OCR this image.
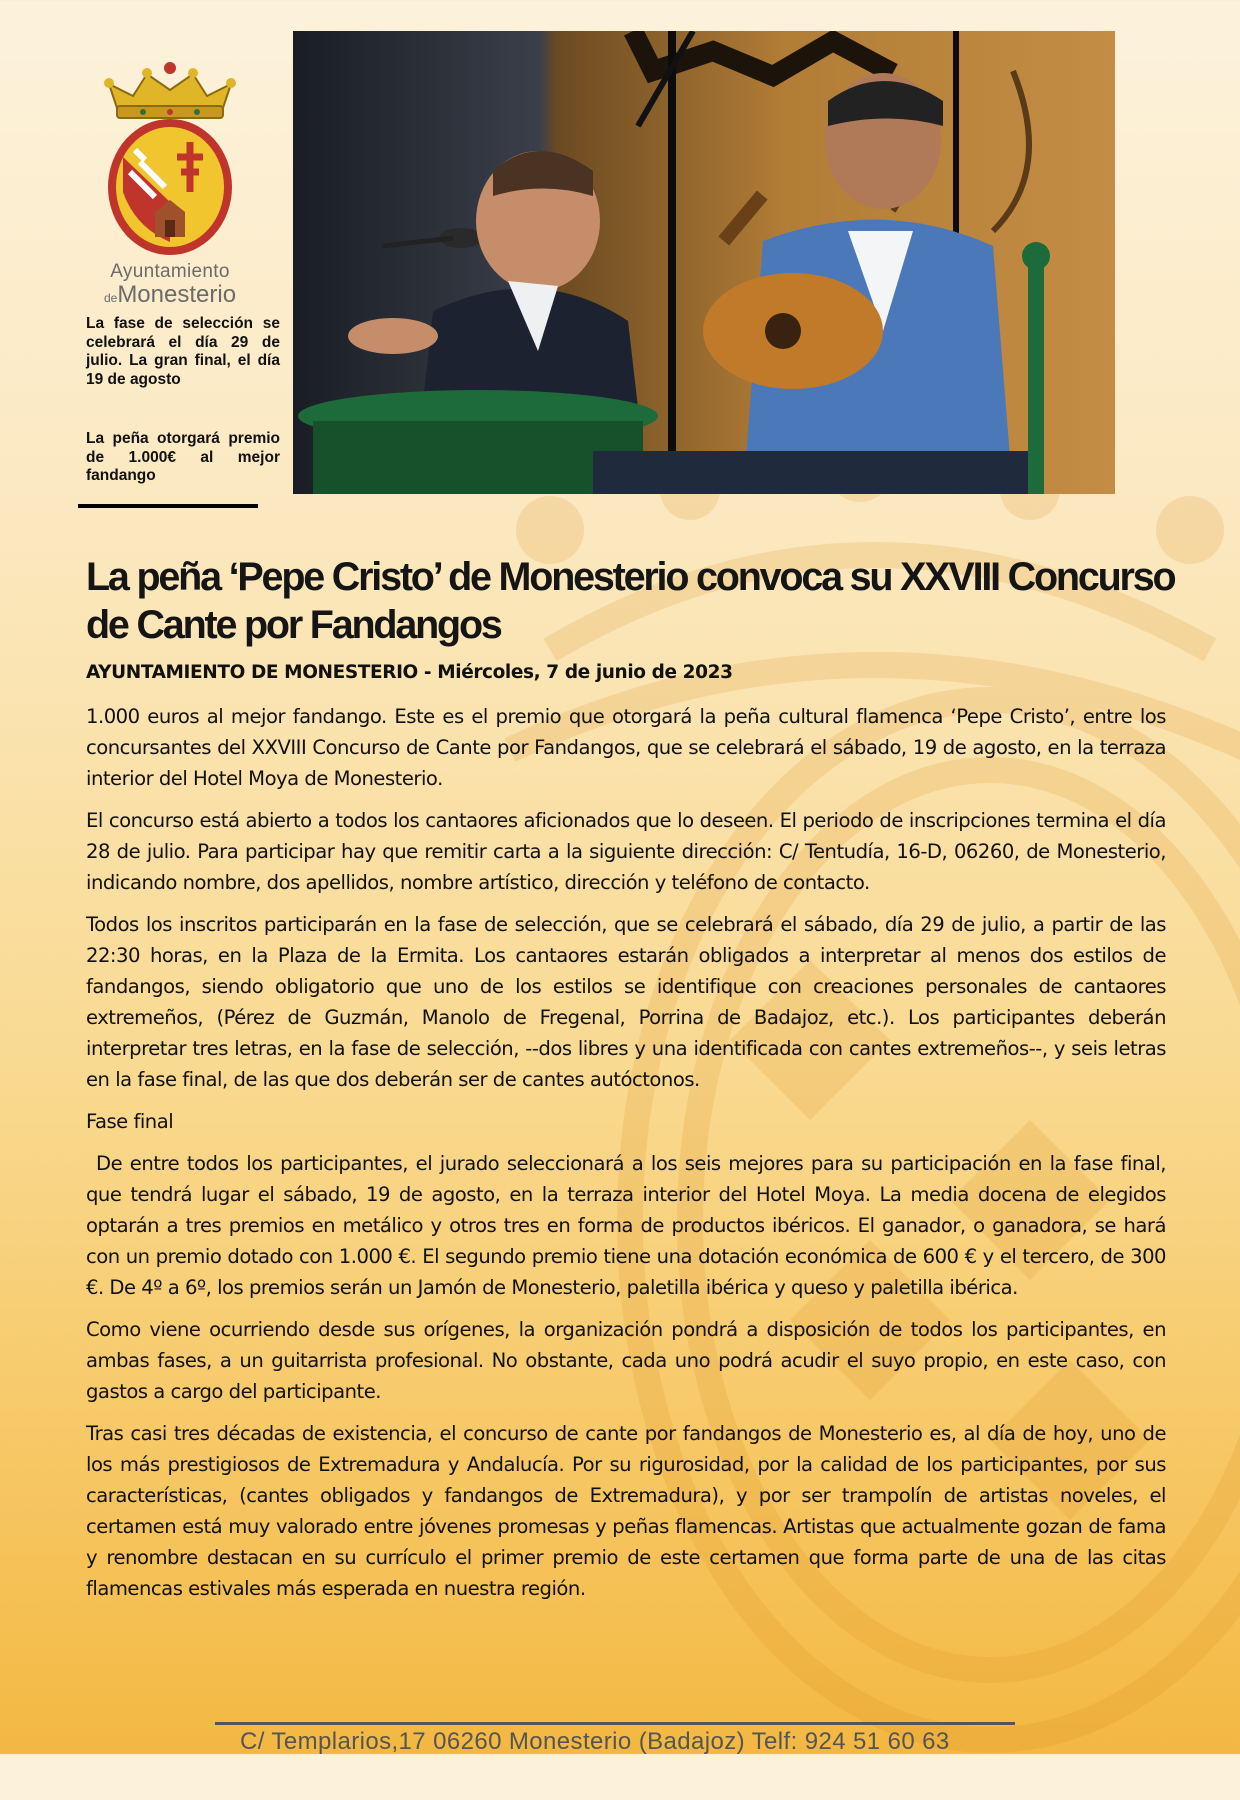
Ayuntamiento
deMonesterio
La fase de selección se celebrará el día 29 de julio. La gran final, el día 19 de agosto
La peña otorgará premio de 1.000€ al mejor fandango
La peña ‘Pepe Cristo’ de Monesterio convoca su XXVIII Concurso de Cante por Fandangos
AYUNTAMIENTO DE MONESTERIO - Miércoles, 7 de junio de 2023

1.000 euros al mejor fandango. Este es el premio que otorgará la peña cultural flamenca ‘Pepe Cristo’, entre los concursantes del XXVIII Concurso de Cante por Fandangos, que se celebrará el sábado, 19 de agosto, en la terraza interior del Hotel Moya de Monesterio.

El concurso está abierto a todos los cantaores aficionados que lo deseen. El periodo de inscripciones termina el día 28 de julio. Para participar hay que remitir carta a la siguiente dirección: C/ Tentudía, 16-D, 06260, de Monesterio, indicando nombre, dos apellidos, nombre artístico, dirección y teléfono de contacto.

Todos los inscritos participarán en la fase de selección, que se celebrará el sábado, día 29 de julio, a partir de las 22:30 horas, en la Plaza de la Ermita. Los cantaores estarán obligados a interpretar al menos dos estilos de fandangos, siendo obligatorio que uno de los estilos se identifique con creaciones personales de cantaores extremeños, (Pérez de Guzmán, Manolo de Fregenal, Porrina de Badajoz, etc.). Los participantes deberán interpretar tres letras, en la fase de selección, --dos libres y una identificada con cantes extremeños--, y seis letras en la fase final, de las que dos deberán ser de cantes autóctonos.

Fase final

De entre todos los participantes, el jurado seleccionará a los seis mejores para su participación en la fase final, que tendrá lugar el sábado, 19 de agosto, en la terraza interior del Hotel Moya. La media docena de elegidos optarán a tres premios en metálico y otros tres en forma de productos ibéricos. El ganador, o ganadora, se hará con un premio dotado con 1.000 €. El segundo premio tiene una dotación económica de 600 € y el tercero, de 300 €. De 4º a 6º, los premios serán un Jamón de Monesterio, paletilla ibérica y queso y paletilla ibérica.

Como viene ocurriendo desde sus orígenes, la organización pondrá a disposición de todos los participantes, en ambas fases, a un guitarrista profesional. No obstante, cada uno podrá acudir el suyo propio, en este caso, con gastos a cargo del participante.

Tras casi tres décadas de existencia, el concurso de cante por fandangos de Monesterio es, al día de hoy, uno de los más prestigiosos de Extremadura y Andalucía. Por su rigurosidad, por la calidad de los participantes, por sus características, (cantes obligados y fandangos de Extremadura), y por ser trampolín de artistas noveles, el certamen está muy valorado entre jóvenes promesas y peñas flamencas. Artistas que actualmente gozan de fama y renombre destacan en su currículo el primer premio de este certamen que forma parte de una de las citas flamencas estivales más esperada en nuestra región.

C/ Templarios,17 06260 Monesterio (Badajoz) Telf: 924 51 60 63
